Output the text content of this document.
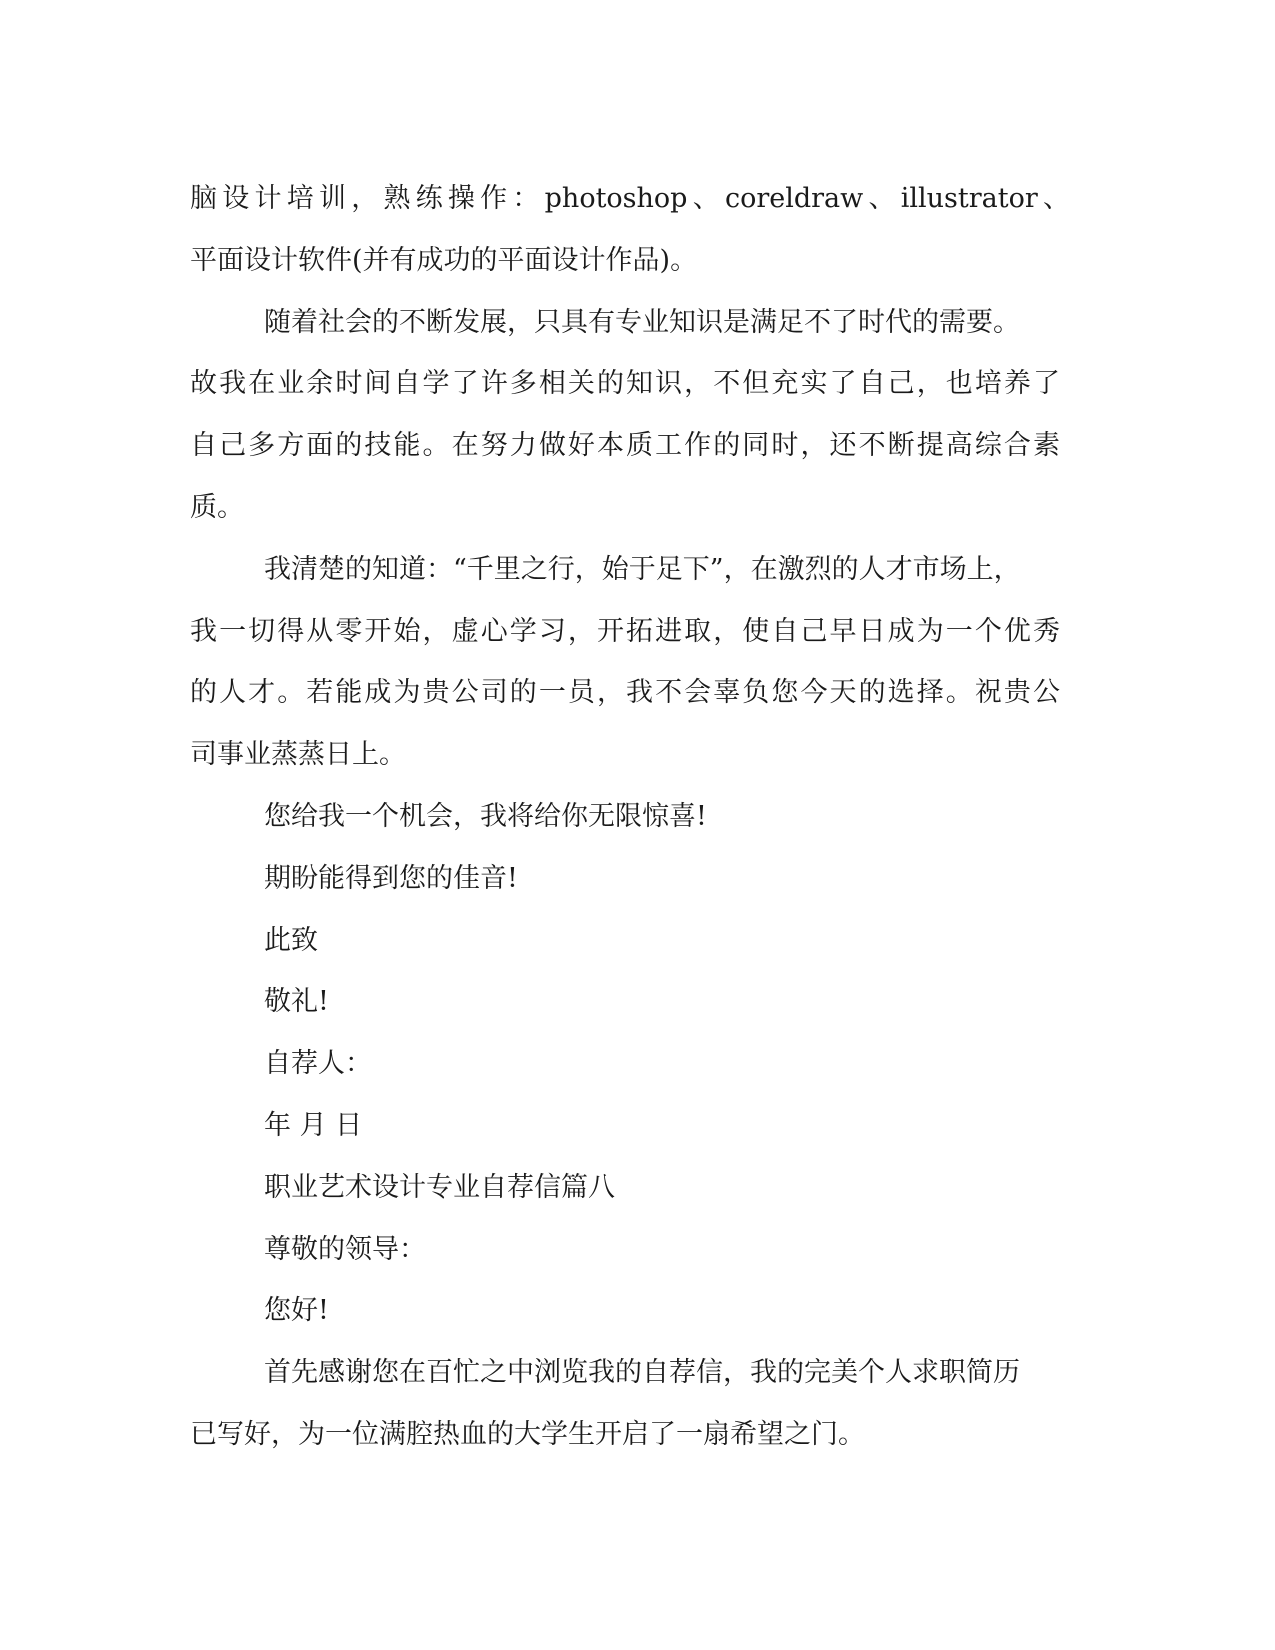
脑设计培训，熟练操作：photoshop、coreldraw、illustrator、
平面设计软件(并有成功的平面设计作品)。
随着社会的不断发展，只具有专业知识是满足不了时代的需要。
故我在业余时间自学了许多相关的知识，不但充实了自己，也培养了
自己多方面的技能。在努力做好本质工作的同时，还不断提高综合素
质。
我清楚的知道：“千里之行，始于足下”，在激烈的人才市场上，
我一切得从零开始，虚心学习，开拓进取，使自己早日成为一个优秀
的人才。若能成为贵公司的一员，我不会辜负您今天的选择。祝贵公
司事业蒸蒸日上。
您给我一个机会，我将给你无限惊喜!
期盼能得到您的佳音!
此致
敬礼!
自荐人：
年 月 日
职业艺术设计专业自荐信篇八
尊敬的领导：
您好!
首先感谢您在百忙之中浏览我的自荐信，我的完美个人求职简历
已写好，为一位满腔热血的大学生开启了一扇希望之门。
